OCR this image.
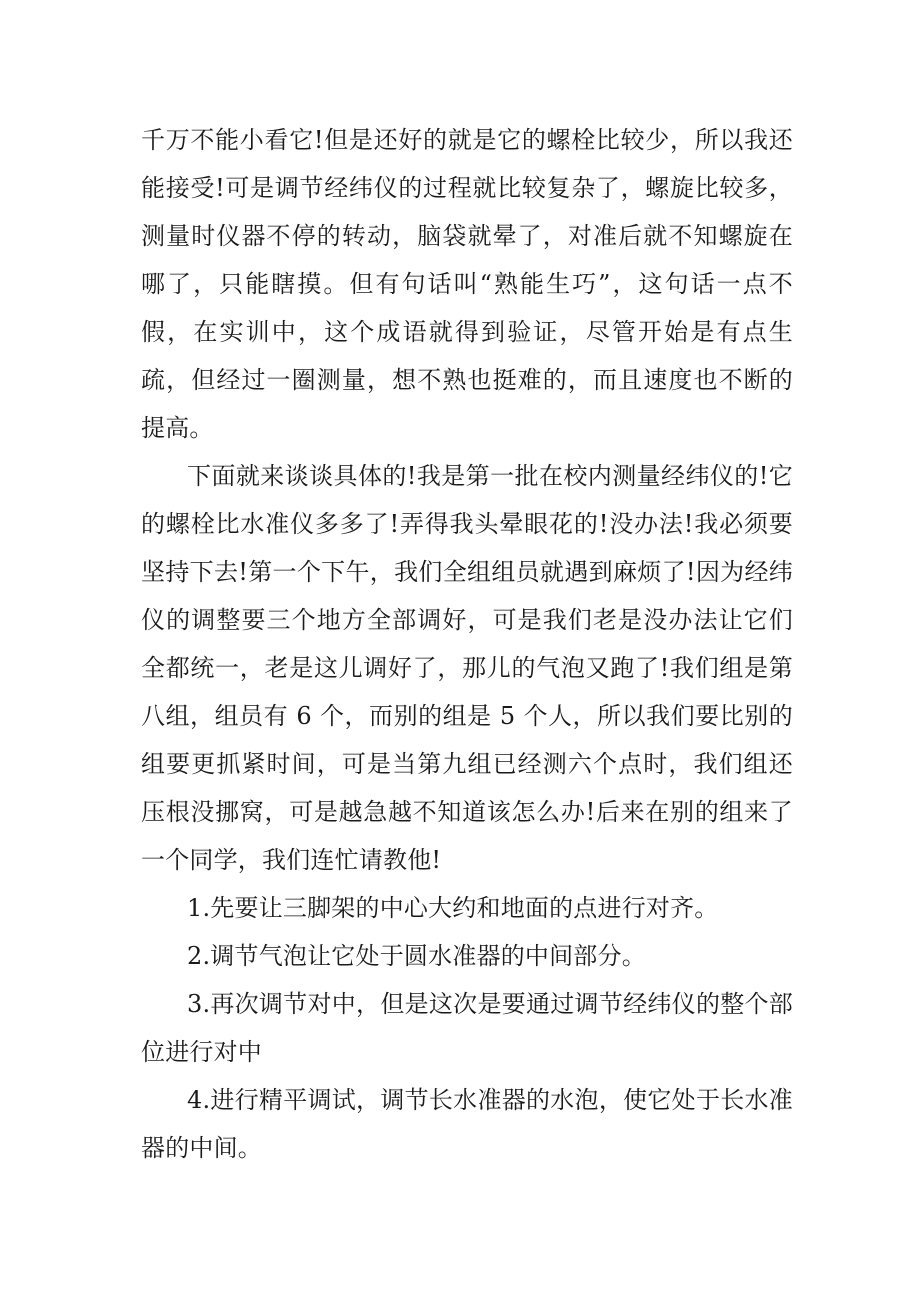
千万不能小看它!但是还好的就是它的螺栓比较少，所以我还能接受!可是调节经纬仪的过程就比较复杂了，螺旋比较多，测量时仪器不停的转动，脑袋就晕了，对准后就不知螺旋在哪了，只能瞎摸。但有句话叫“熟能生巧”，这句话一点不假，在实训中，这个成语就得到验证，尽管开始是有点生疏，但经过一圈测量，想不熟也挺难的，而且速度也不断的提高。

下面就来谈谈具体的!我是第一批在校内测量经纬仪的!它的螺栓比水准仪多多了!弄得我头晕眼花的!没办法!我必须要坚持下去!第一个下午，我们全组组员就遇到麻烦了!因为经纬仪的调整要三个地方全部调好，可是我们老是没办法让它们全都统一，老是这儿调好了，那儿的气泡又跑了!我们组是第八组，组员有 6 个，而别的组是 5 个人，所以我们要比别的组要更抓紧时间，可是当第九组已经测六个点时，我们组还压根没挪窝，可是越急越不知道该怎么办!后来在别的组来了一个同学，我们连忙请教他!

1.先要让三脚架的中心大约和地面的点进行对齐。

2.调节气泡让它处于圆水准器的中间部分。

3.再次调节对中，但是这次是要通过调节经纬仪的整个部位进行对中

4.进行精平调试，调节长水准器的水泡，使它处于长水准器的中间。
